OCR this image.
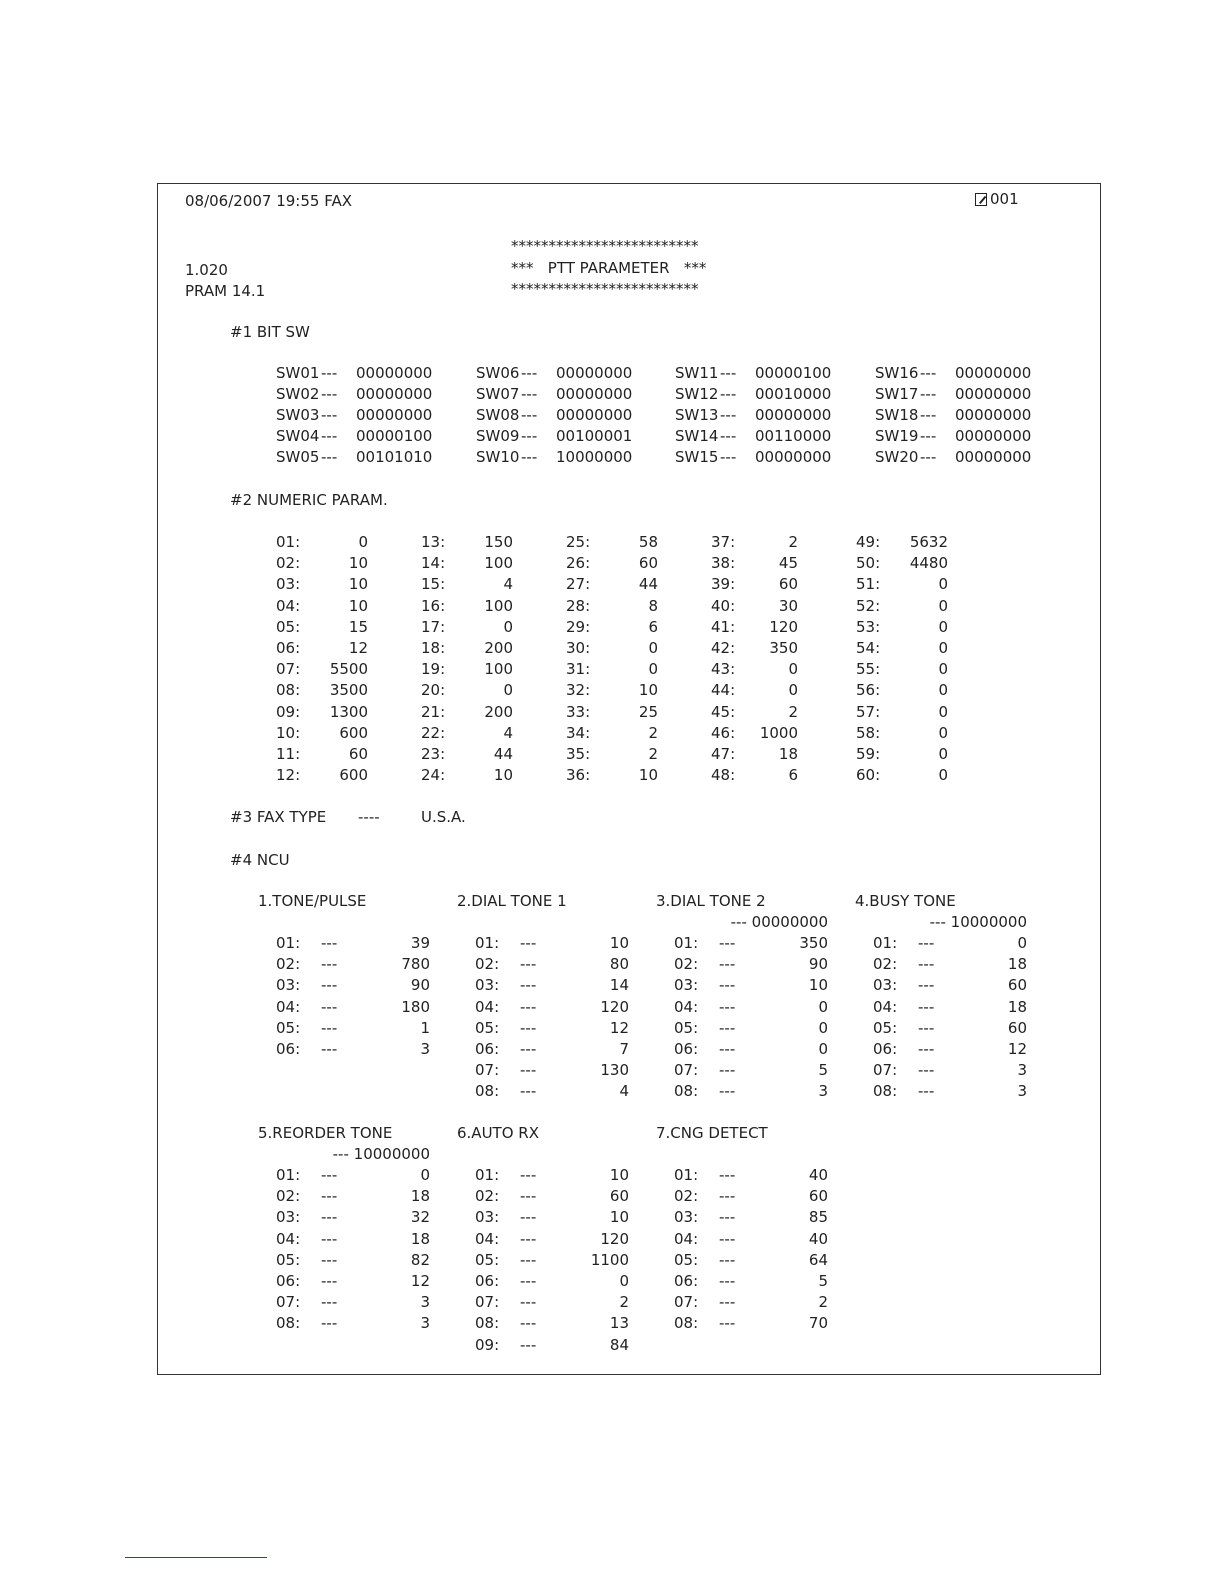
08/06/2007 19:55 FAX

	001

*************************
***   PTT PARAMETER   ***
*************************
1.020
PRAM 14.1
#1 BIT SW
SW01 --- 00000000
SW02 --- 00000000
SW03 --- 00000000
SW04 --- 00000100
SW05 --- 00101010
SW06 --- 00000000
SW07 --- 00000000
SW08 --- 00000000
SW09 --- 00100001
SW10 --- 10000000
SW11 --- 00000100
SW12 --- 00010000
SW13 --- 00000000
SW14 --- 00110000
SW15 --- 00000000
SW16 --- 00000000
SW17 --- 00000000
SW18 --- 00000000
SW19 --- 00000000
SW20 --- 00000000
#2 NUMERIC PARAM.
01:	0
02:	10
03:	10
04:	10
05:	15
06:	12
07:	5500
08:	3500
09:	1300
10:	600
11:	60
12:	600
13:	150
14:	100
15:	4
16:	100
17:	0
18:	200
19:	100
20:	0
21:	200
22:	4
23:	44
24:	10
25:	58
26:	60
27:	44
28:	8
29:	6
30:	0
31:	0
32:	10
33:	25
34:	2
35:	2
36:	10
37:	2
38:	45
39:	60
40:	30
41:	120
42:	350
43:	0
44:	0
45:	2
46:	1000
47:	18
48:	6
49:	5632
50:	4480
51:	0
52:	0
53:	0
54:	0
55:	0
56:	0
57:	0
58:	0
59:	0
60:	0
#3 FAX TYPE ----	U.S.A.
#4 NCU
1.TONE/PULSE
01: ---	39
02: ---	780
03: ---	90
04: ---	180
05: ---	1
06: ---	3
2.DIAL TONE 1
01: ---	10
02: ---	80
03: ---	14
04: ---	120
05: ---	12
06: ---	7
07: ---	130
08: ---	4
3.DIAL TONE 2
--- 00000000
01: ---	350
02: ---	90
03: ---	10
04: ---	0
05: ---	0
06: ---	0
07: ---	5
08: ---	3
4.BUSY TONE
--- 10000000
01: ---	0
02: ---	18
03: ---	60
04: ---	18
05: ---	60
06: ---	12
07: ---	3
08: ---	3
5.REORDER TONE
--- 10000000
01: ---	0
02: ---	18
03: ---	32
04: ---	18
05: ---	82
06: ---	12
07: ---	3
08: ---	3
6.AUTO RX
01: ---	10
02: ---	60
03: ---	10
04: ---	120
05: ---	1100
06: ---	0
07: ---	2
08: ---	13
09: ---	84
7.CNG DETECT
01: ---	40
02: ---	60
03: ---	85
04: ---	40
05: ---	64
06: ---	5
07: ---	2
08: ---	70
